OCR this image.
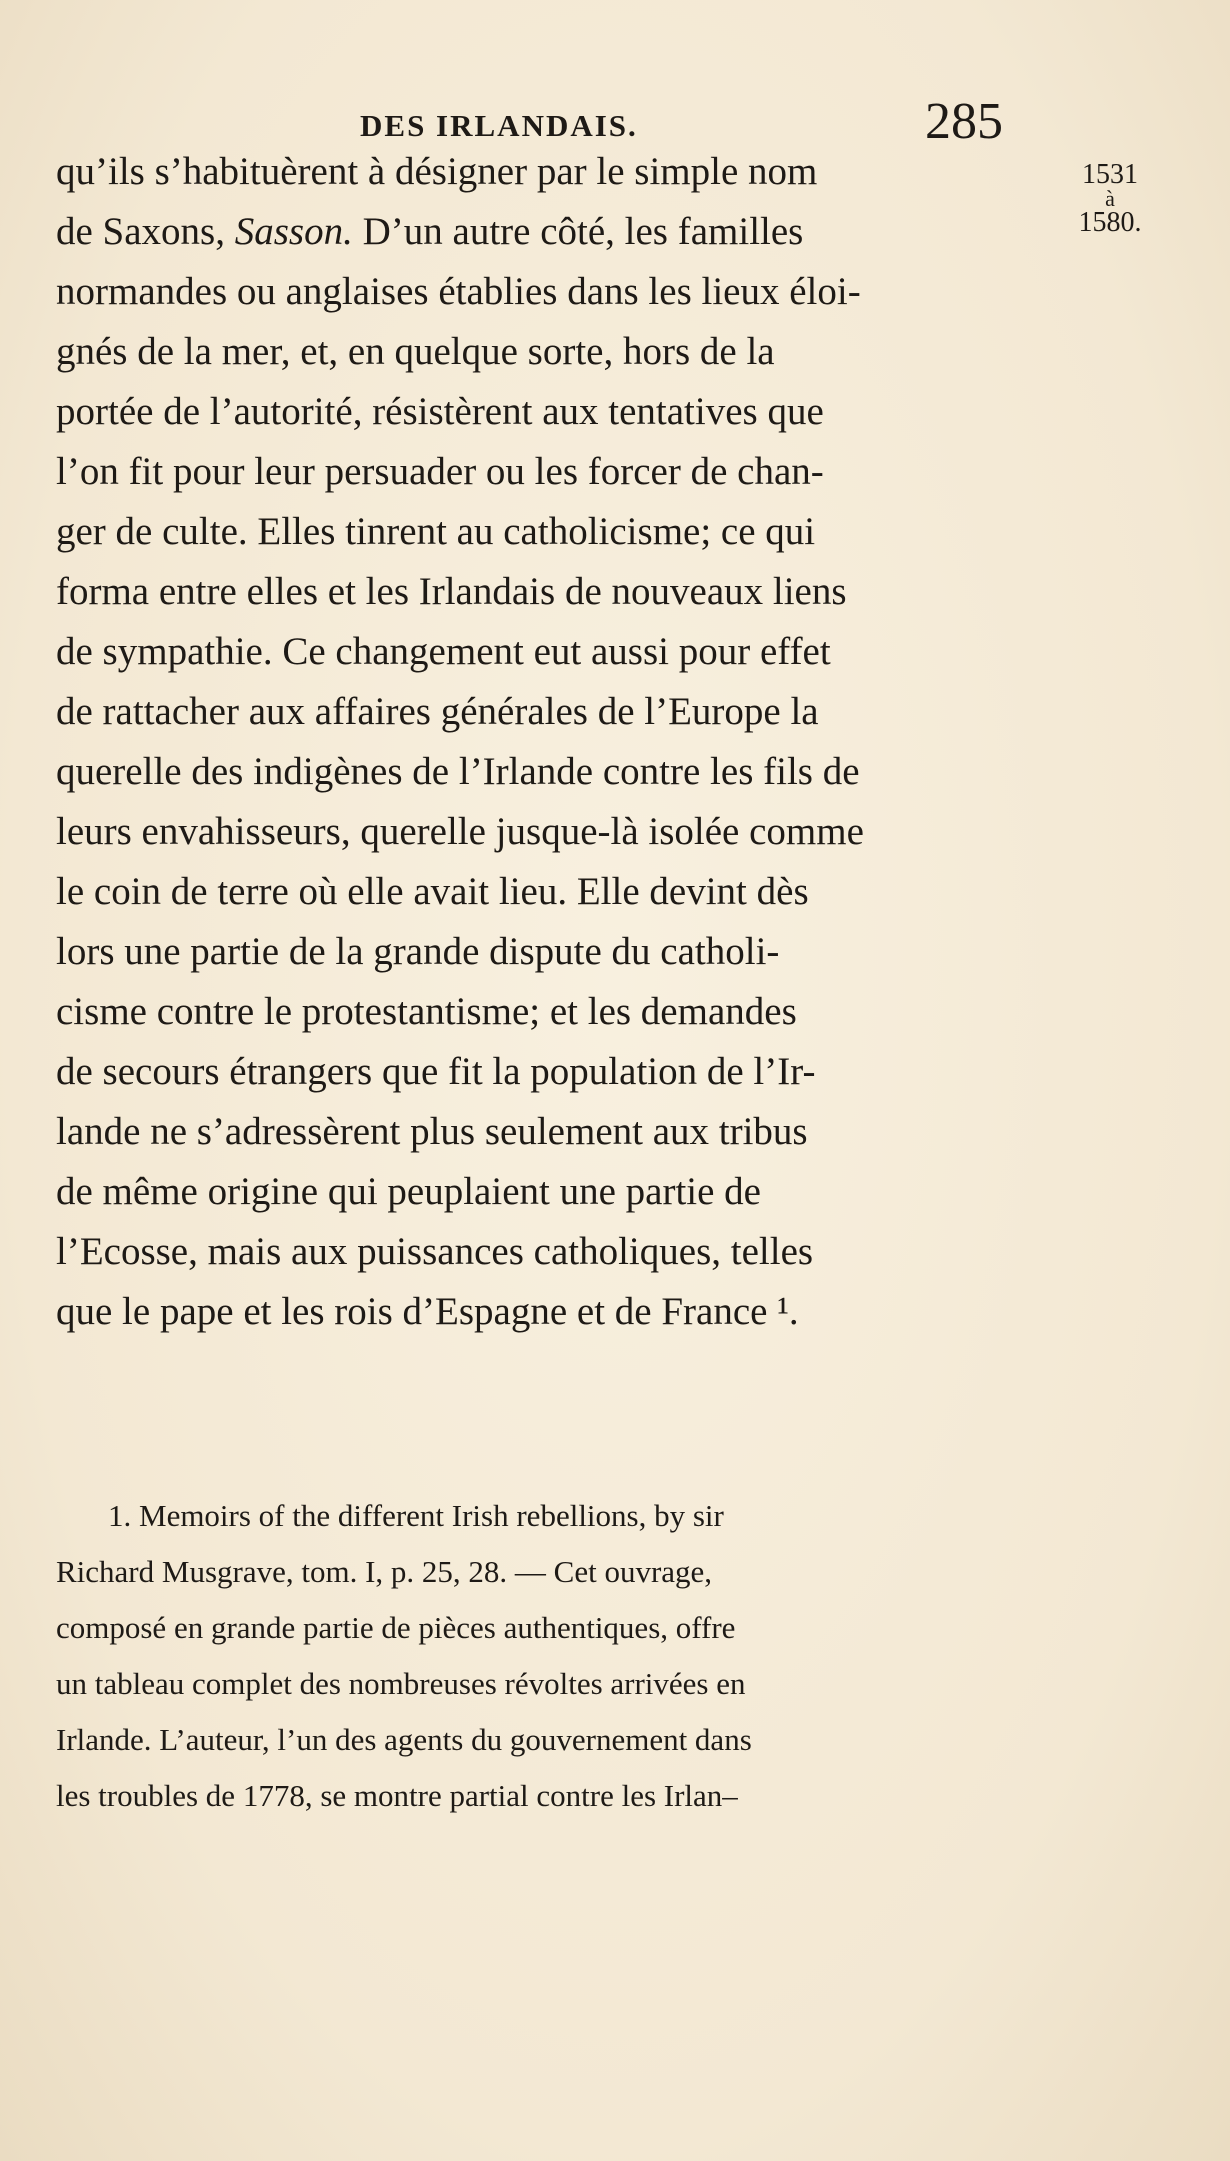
DES IRLANDAIS.	285
1531
à
1580.
qu’ils s’habituèrent à désigner par le simple nom
de Saxons, Sasson. D’un autre côté, les familles
normandes ou anglaises établies dans les lieux éloi-
gnés de la mer, et, en quelque sorte, hors de la
portée de l’autorité, résistèrent aux tentatives que
l’on fit pour leur persuader ou les forcer de chan-
ger de culte. Elles tinrent au catholicisme; ce qui
forma entre elles et les Irlandais de nouveaux liens
de sympathie. Ce changement eut aussi pour effet
de rattacher aux affaires générales de l’Europe la
querelle des indigènes de l’Irlande contre les fils de
leurs envahisseurs, querelle jusque-là isolée comme
le coin de terre où elle avait lieu. Elle devint dès
lors une partie de la grande dispute du catholi-
cisme contre le protestantisme; et les demandes
de secours étrangers que fit la population de l’Ir-
lande ne s’adressèrent plus seulement aux tribus
de même origine qui peuplaient une partie de
l’Ecosse, mais aux puissances catholiques, telles
que le pape et les rois d’Espagne et de France ¹.
1. Memoirs of the different Irish rebellions, by sir
Richard Musgrave, tom. I, p. 25, 28. — Cet ouvrage,
composé en grande partie de pièces authentiques, offre
un tableau complet des nombreuses révoltes arrivées en
Irlande. L’auteur, l’un des agents du gouvernement dans
les troubles de 1778, se montre partial contre les Irlan–
